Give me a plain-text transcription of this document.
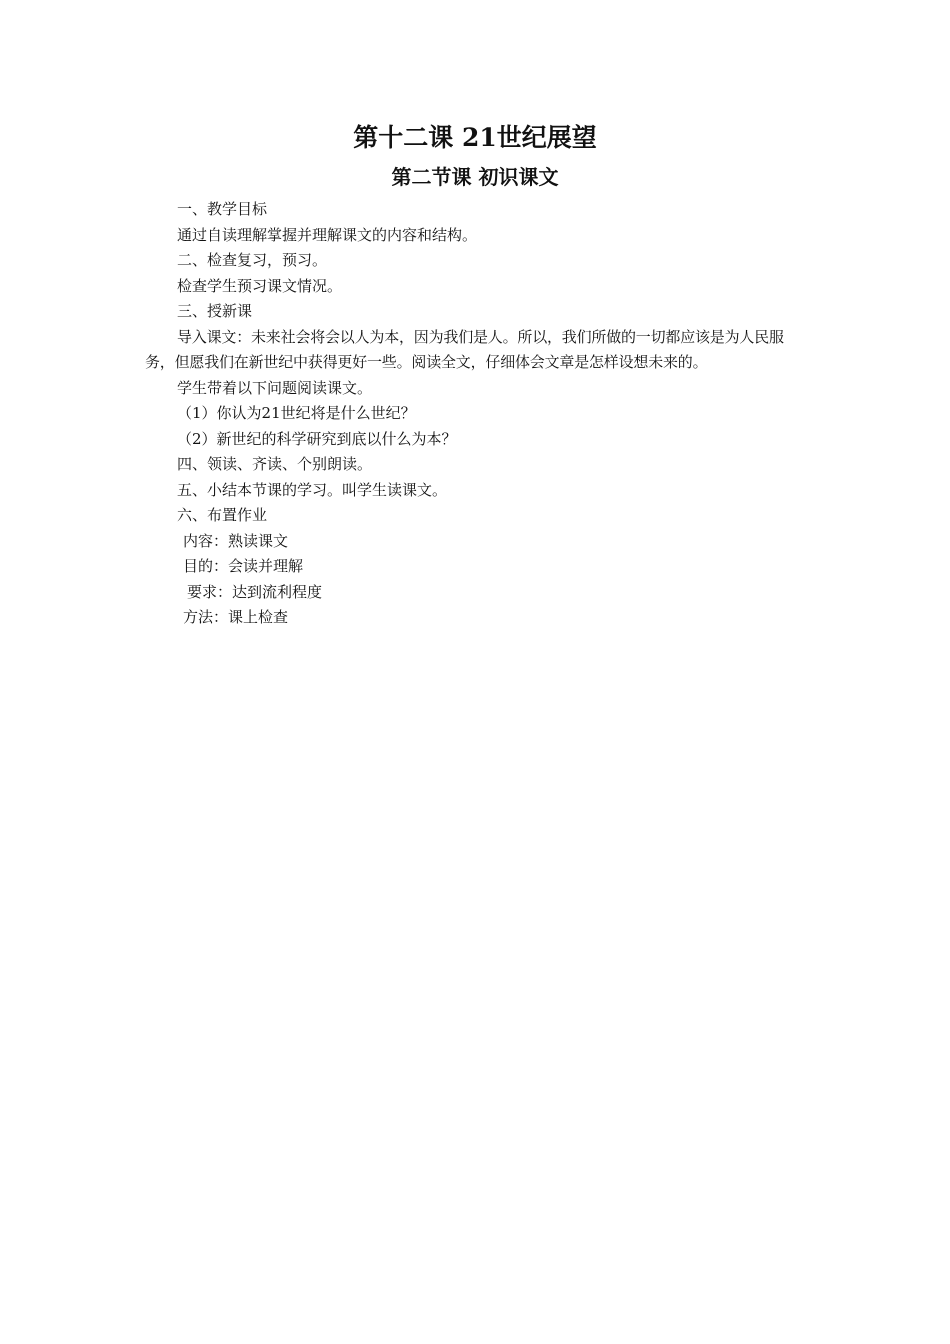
第十二课 21世纪展望
第二节课 初识课文

一、教学目标

通过自读理解掌握并理解课文的内容和结构。

二、检查复习，预习。

检查学生预习课文情况。

三、授新课

导入课文：未来社会将会以人为本，因为我们是人。所以，我们所做的一切都应该是为人民服务，但愿我们在新世纪中获得更好一些。阅读全文，仔细体会文章是怎样设想未来的。

学生带着以下问题阅读课文。

（1）你认为21世纪将是什么世纪？

（2）新世纪的科学研究到底以什么为本？

四、领读、齐读、个别朗读。

五、小结本节课的学习。叫学生读课文。

六、布置作业

内容：熟读课文

目的：会读并理解

要求：达到流利程度

方法：课上检查
